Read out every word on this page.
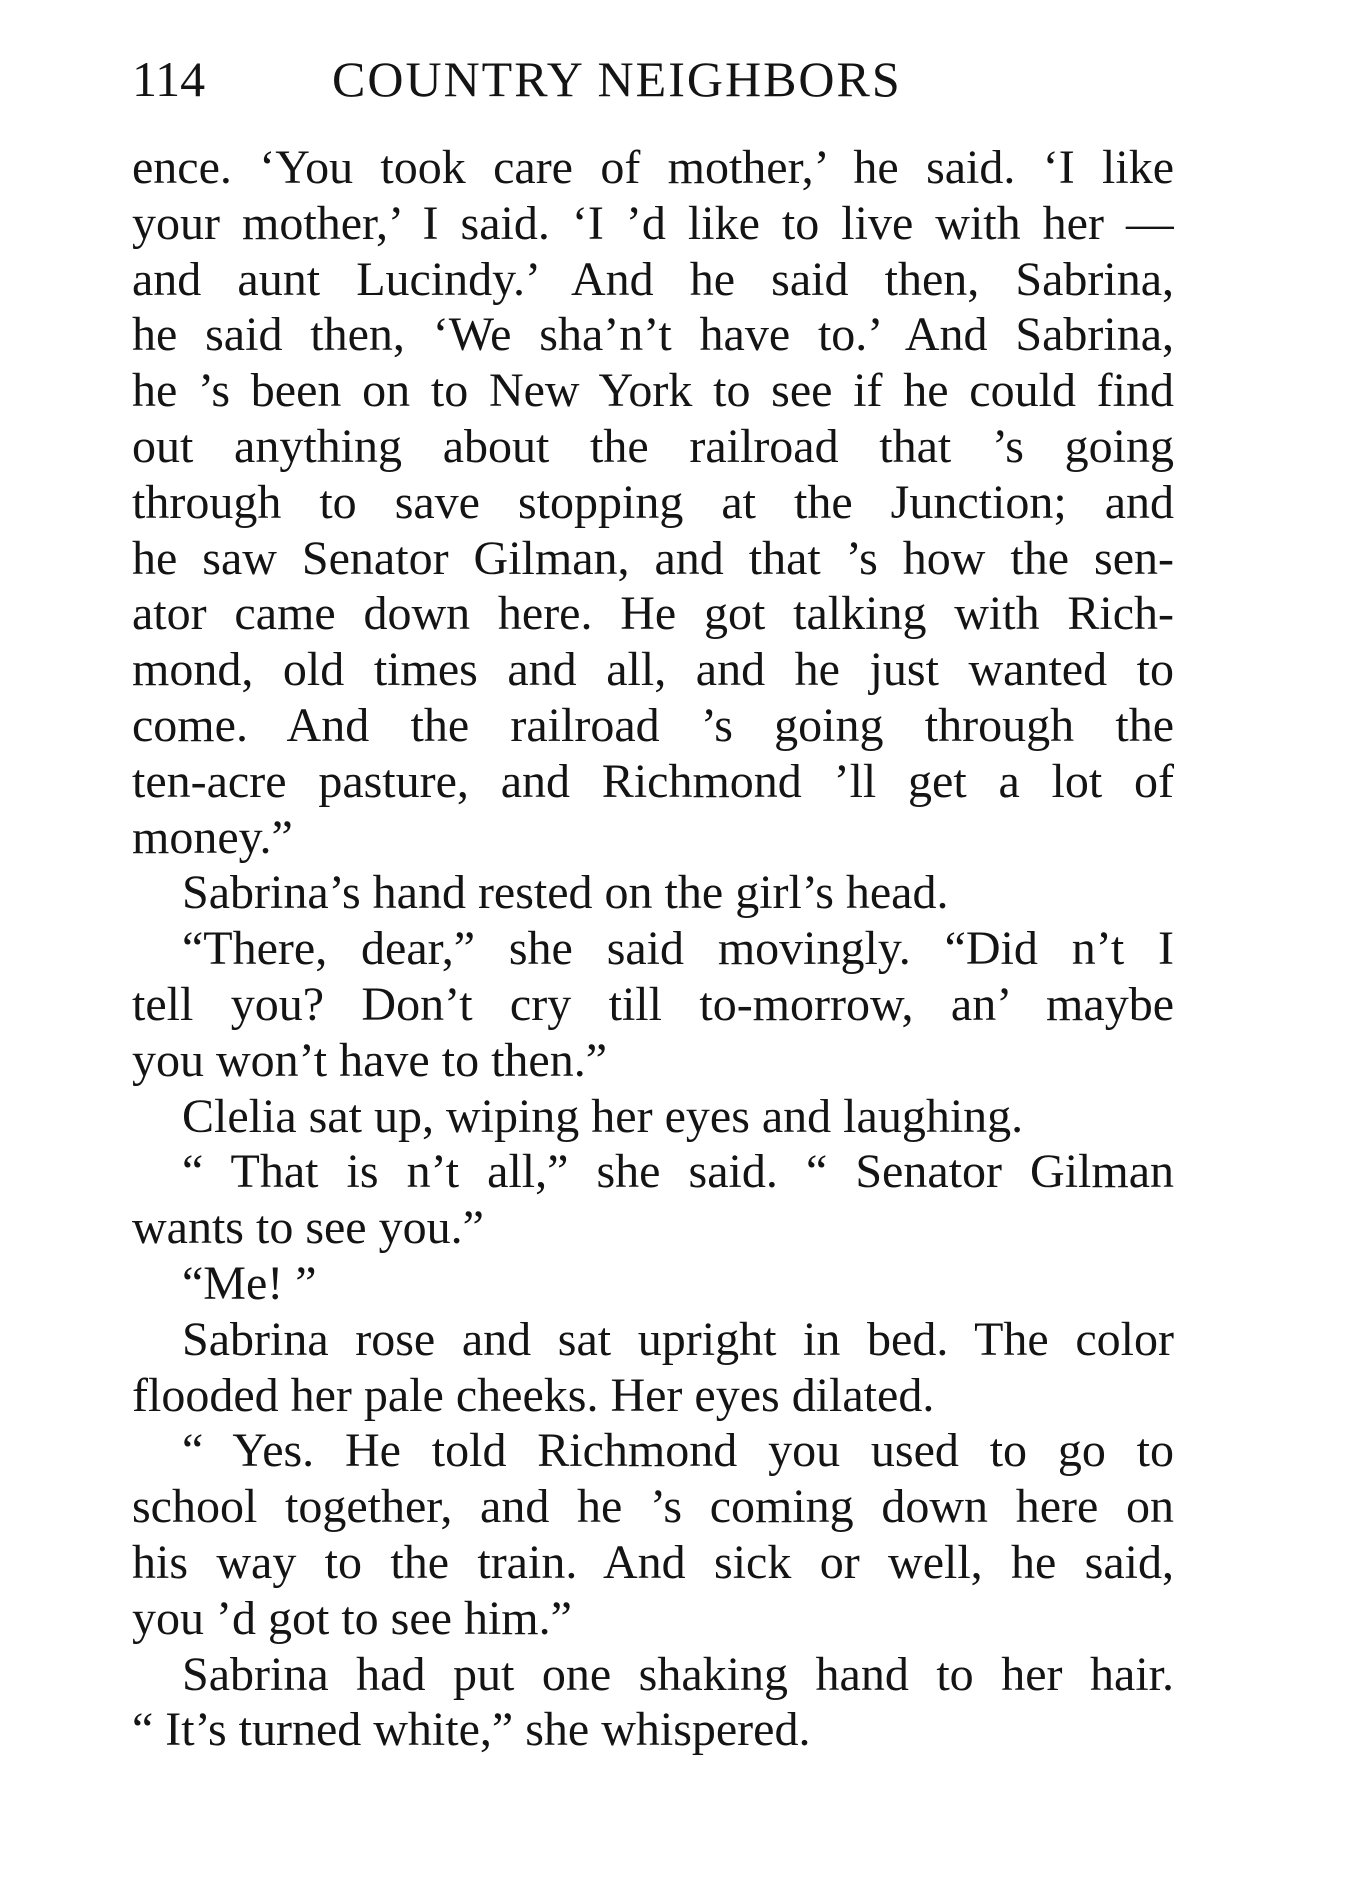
114	COUNTRY NEIGHBORS
ence. ‘You took care of mother,’ he said. ‘I like
your mother,’ I said. ‘I ’d like to live with her —
and aunt Lucindy.’ And he said then, Sabrina,
he said then, ‘We sha’n’t have to.’ And Sabrina,
he ’s been on to New York to see if he could find
out anything about the railroad that ’s going
through to save stopping at the Junction; and
he saw Senator Gilman, and that ’s how the sen-
ator came down here. He got talking with Rich-
mond, old times and all, and he just wanted to
come. And the railroad ’s going through the
ten-acre pasture, and Richmond ’ll get a lot of
money.”
Sabrina’s hand rested on the girl’s head.
“There, dear,” she said movingly. “Did n’t I
tell you? Don’t cry till to-morrow, an’ maybe
you won’t have to then.”
Clelia sat up, wiping her eyes and laughing.
“ That is n’t all,” she said. “ Senator Gilman
wants to see you.”
“Me! ”
Sabrina rose and sat upright in bed. The color
flooded her pale cheeks. Her eyes dilated.
“ Yes. He told Richmond you used to go to
school together, and he ’s coming down here on
his way to the train. And sick or well, he said,
you ’d got to see him.”
Sabrina had put one shaking hand to her hair.
“ It’s turned white,” she whispered.
